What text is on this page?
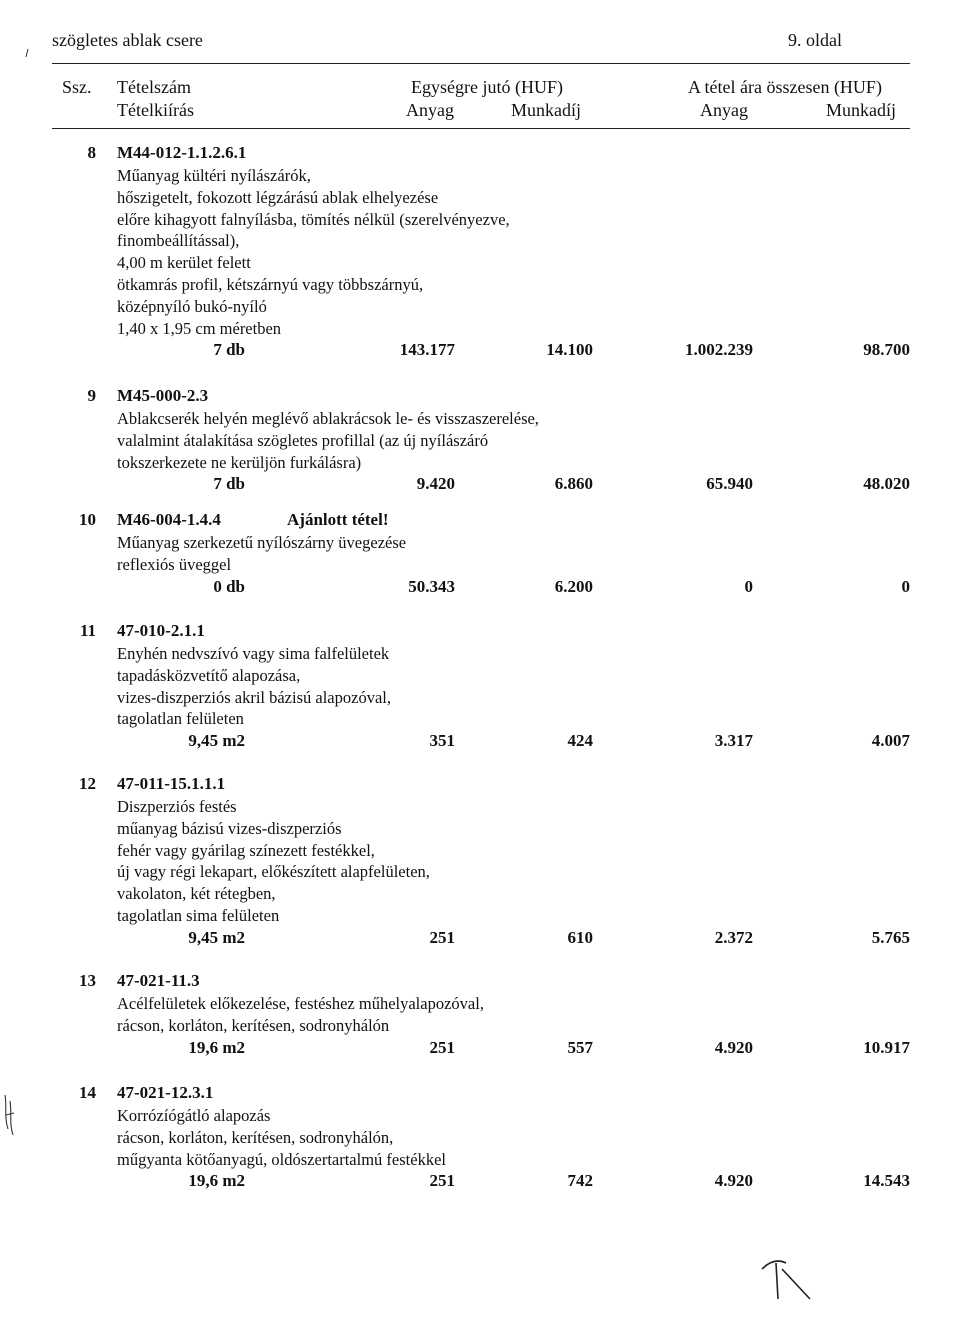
szögletes ablak csere	9. oldal
Ssz. Tételszám
Tételkiírás
Egységre jutó (HUF)
Anyag	Munkadíj
A tétel ára összesen (HUF)
Anyag	Munkadíj
8 M44-012-1.1.2.6.1
Műanyag kültéri nyílászárók,
hőszigetelt, fokozott légzárású ablak elhelyezése
előre kihagyott falnyílásba, tömítés nélkül (szerelvényezve,
finombeállítással),
4,00 m kerület felett
ötkamrás profil, kétszárnyú vagy többszárnyú,
középnyíló bukó-nyíló
1,40 x 1,95 cm méretben
7 db	143.177	14.100	1.002.239	98.700
9 M45-000-2.3
Ablakcserék helyén meglévő ablakrácsok le- és visszaszerelése,
valalmint átalakítása szögletes profillal (az új nyílászáró
tokszerkezete ne kerüljön furkálásra)
7 db	9.420	6.860	65.940	48.020
10 M46-004-1.4.4	Ajánlott tétel!
Műanyag szerkezetű nyílószárny üvegezése
reflexiós üveggel
0 db	50.343	6.200	0	0
11 47-010-2.1.1
Enyhén nedvszívó vagy sima falfelületek
tapadásközvetítő alapozása,
vizes-diszperziós akril bázisú alapozóval,
tagolatlan felületen
9,45 m2	351	424	3.317	4.007
12 47-011-15.1.1.1
Diszperziós festés
műanyag bázisú vizes-diszperziós
fehér vagy gyárilag színezett festékkel,
új vagy régi lekapart, előkészített alapfelületen,
vakolaton, két rétegben,
tagolatlan sima felületen
9,45 m2	251	610	2.372	5.765
13 47-021-11.3
Acélfelületek előkezelése, festéshez műhelyalapozóval,
rácson, korláton, kerítésen, sodronyhálón
19,6 m2	251	557	4.920	10.917
14 47-021-12.3.1
Korrózíógátló alapozás
rácson, korláton, kerítésen, sodronyhálón,
műgyanta kötőanyagú, oldószertartalmú festékkel
19,6 m2	251	742	4.920	14.543
